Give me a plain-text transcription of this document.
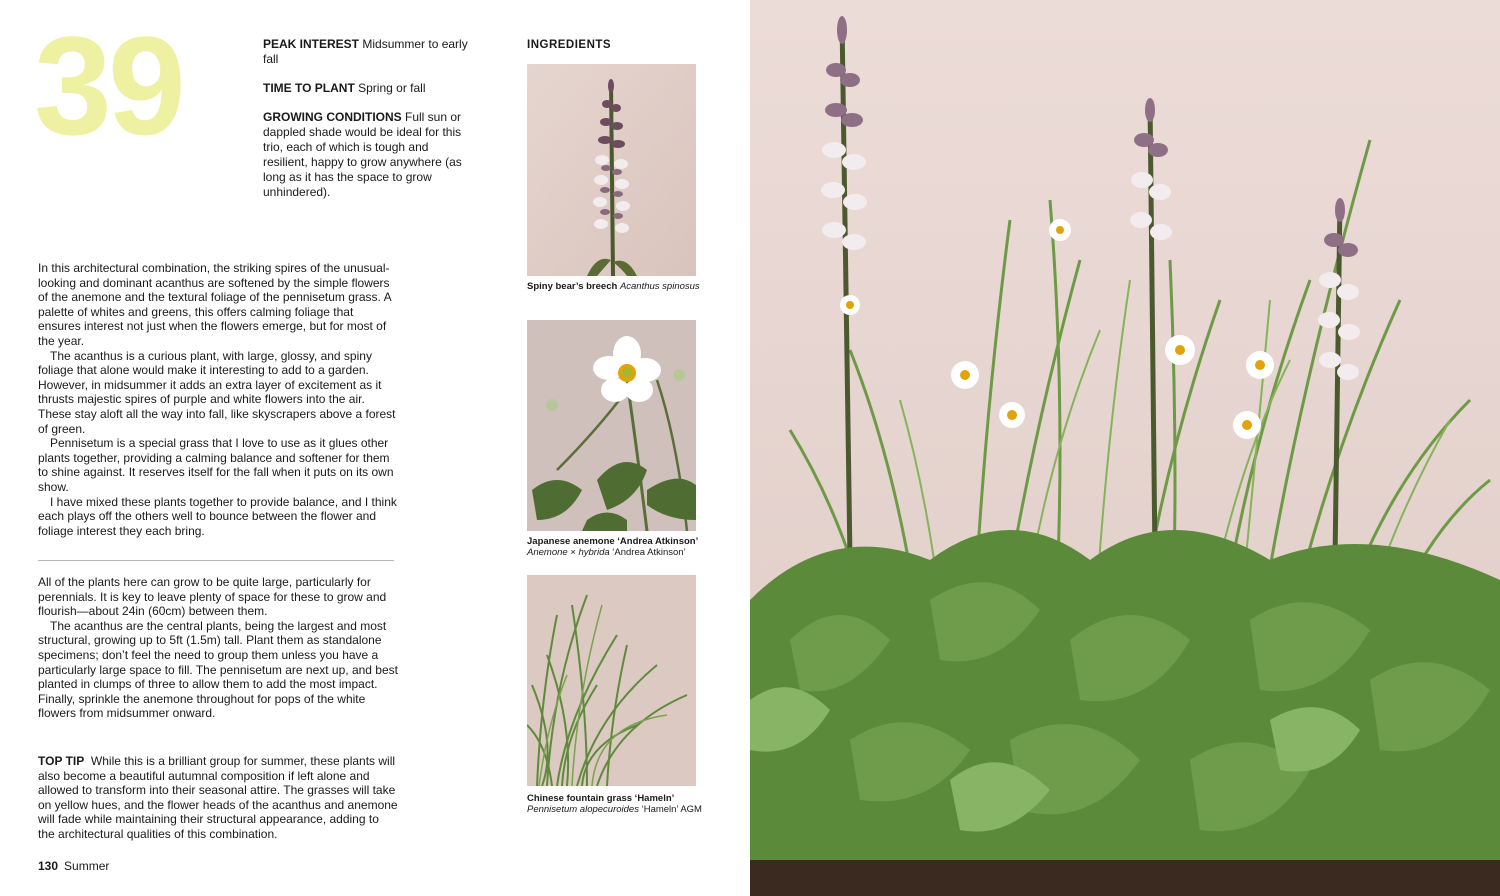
39	PEAK INTEREST Midsummer to early fall

TIME TO PLANT Spring or fall

GROWING CONDITIONS Full sun or dappled shade would be ideal for this trio, each of which is tough and resilient, happy to grow anywhere (as long as it has the space to grow unhindered).

In this architectural combination, the striking spires of the unusual-looking and dominant acanthus are softened by the simple flowers of the anemone and the textural foliage of the pennisetum grass. A palette of whites and greens, this offers calming foliage that ensures interest not just when the flowers emerge, but for most of the year.

The acanthus is a curious plant, with large, glossy, and spiny foliage that alone would make it interesting to add to a garden. However, in midsummer it adds an extra layer of excitement as it thrusts majestic spires of purple and white flowers into the air. These stay aloft all the way into fall, like skyscrapers above a forest of green.

Pennisetum is a special grass that I love to use as it glues other plants together, providing a calming balance and softener for them to shine against. It reserves itself for the fall when it puts on its own show.

I have mixed these plants together to provide balance, and I think each plays off the others well to bounce between the flower and foliage interest they each bring.

All of the plants here can grow to be quite large, particularly for perennials. It is key to leave plenty of space for these to grow and flourish—about 24in (60cm) between them.

The acanthus are the central plants, being the largest and most structural, growing up to 5ft (1.5m) tall. Plant them as standalone specimens; don’t feel the need to group them unless you have a particularly large space to fill. The pennisetum are next up, and best planted in clumps of three to allow them to add the most impact. Finally, sprinkle the anemone throughout for pops of the white flowers from midsummer onward.

TOP TIP While this is a brilliant group for summer, these plants will also become a beautiful autumnal composition if left alone and allowed to transform into their seasonal attire. The grasses will take on yellow hues, and the flower heads of the acanthus and anemone will fade while maintaining their structural appearance, adding to the architectural qualities of this combination.

130 Summer
INGREDIENTS
Spiny bear’s breech Acanthus spinosus
Japanese anemone ‘Andrea Atkinson’
Anemone × hybrida ‘Andrea Atkinson’
Chinese fountain grass ‘Hameln’
Pennisetum alopecuroides ‘Hameln’ AGM
